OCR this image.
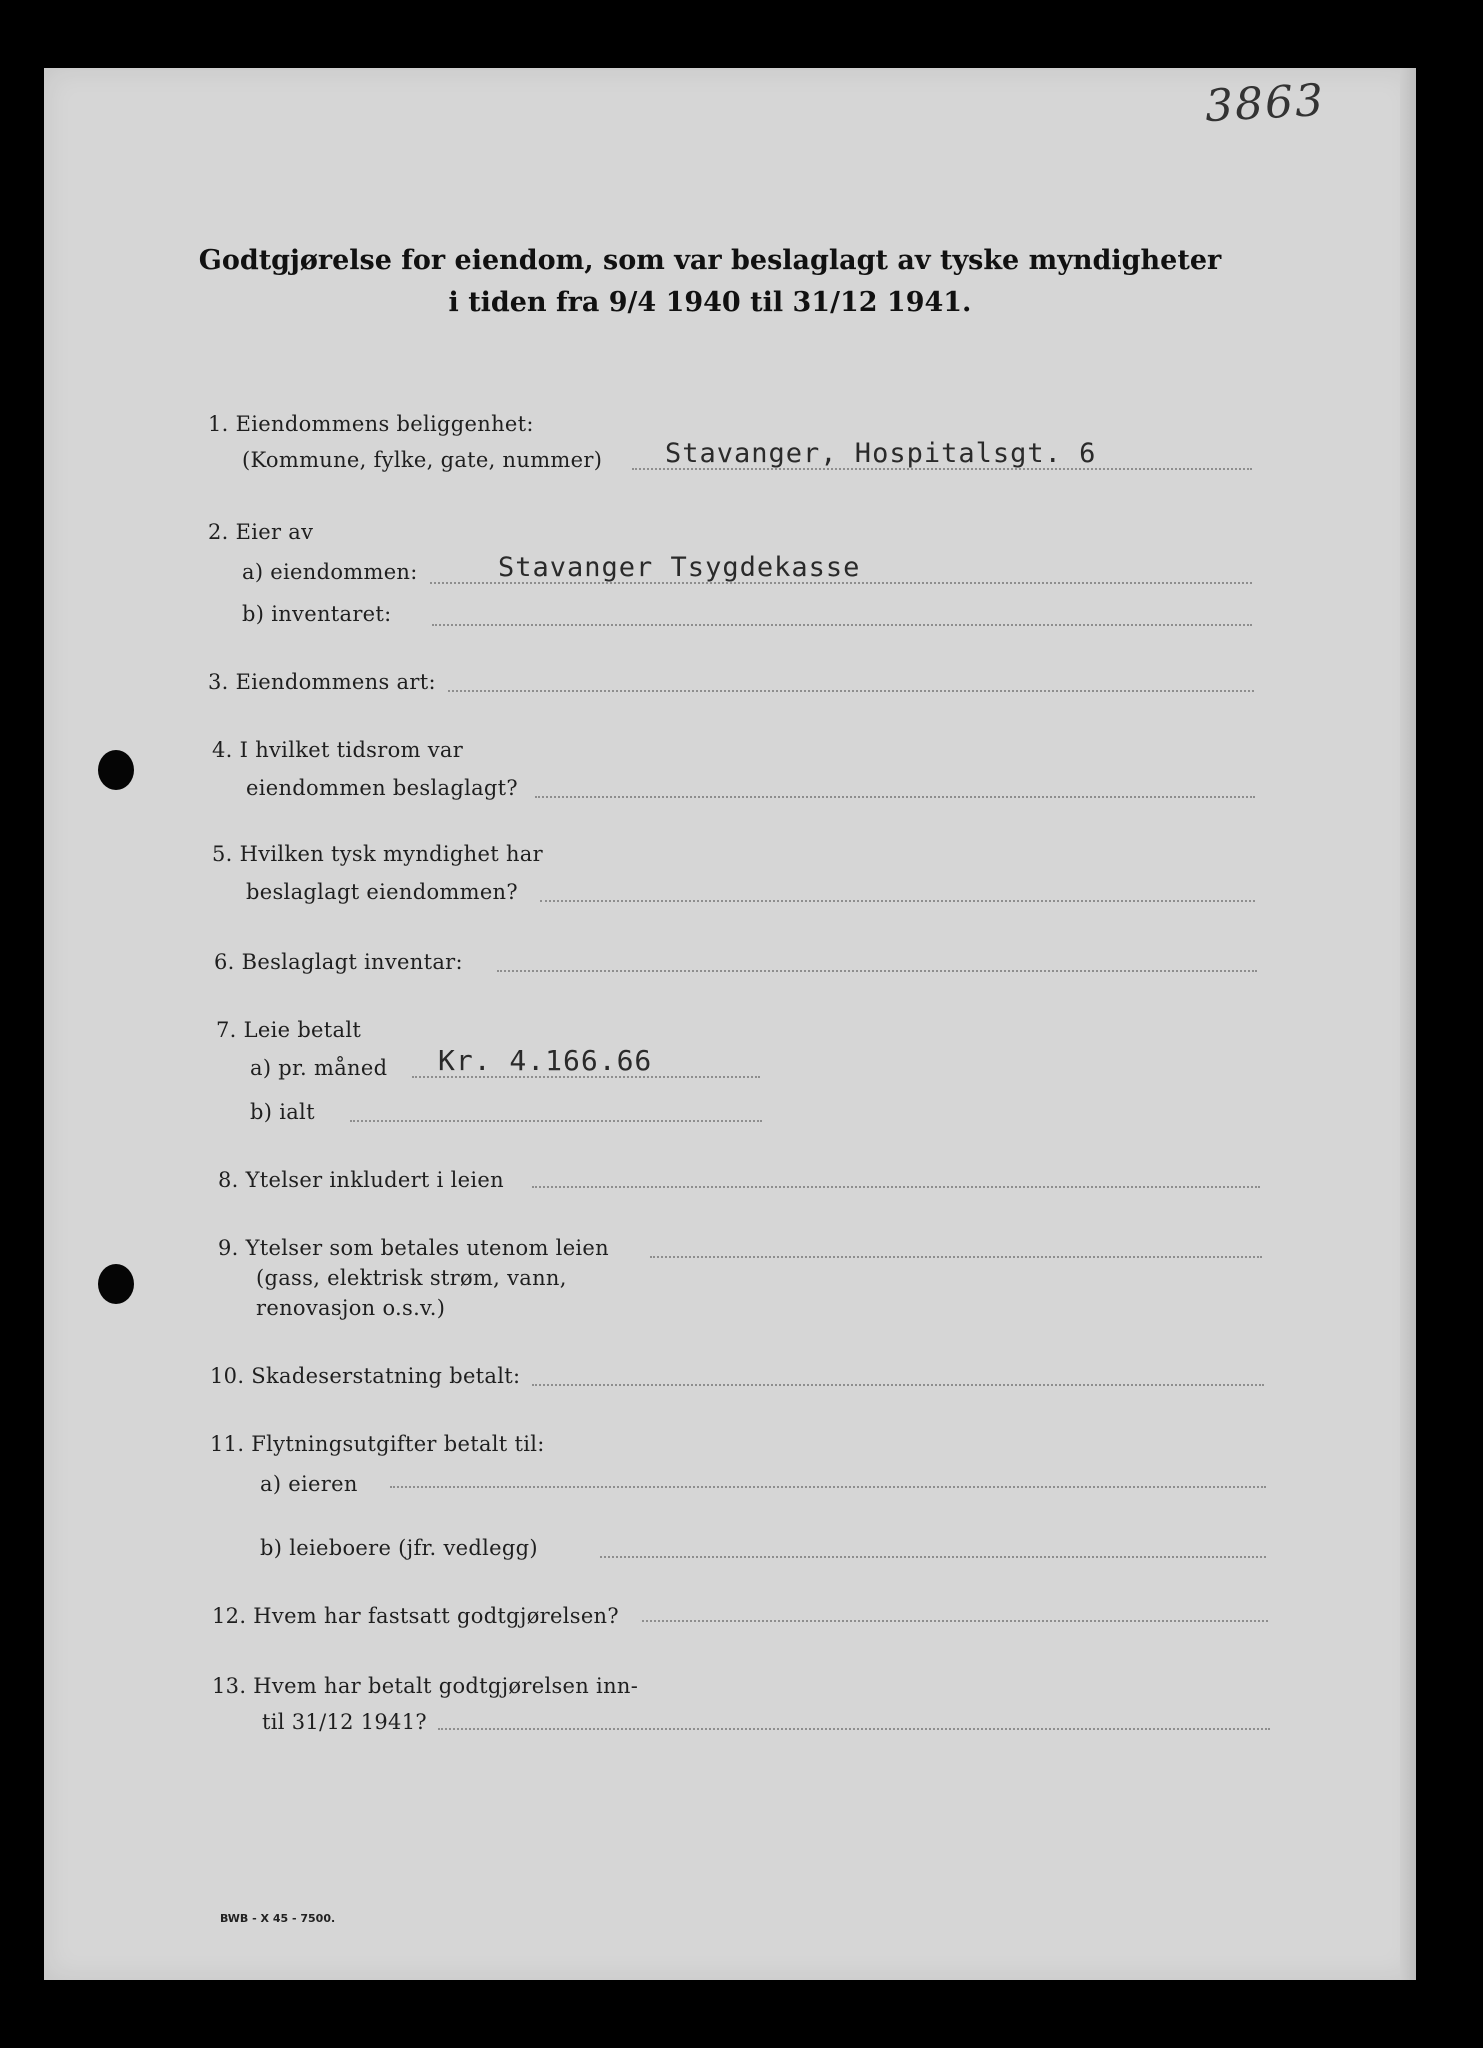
3863
Godtgjørelse for eiendom, som var beslaglagt av tyske myndigheter
i tiden fra 9/4 1940 til 31/12 1941.
1. Eiendommens beliggenhet:
(Kommune, fylke, gate, nummer) Stavanger, Hospitalsgt. 6
2. Eier av
a) eiendommen:	Stavanger Tsygdekasse
b) inventaret:
3. Eiendommens art:
4. I hvilket tidsrom var
eiendommen beslaglagt?
5. Hvilken tysk myndighet har
beslaglagt eiendommen?
6. Beslaglagt inventar:
7. Leie betalt
a) pr. måned Kr. 4.166.66
b) ialt
8. Ytelser inkludert i leien
9. Ytelser som betales utenom leien
(gass, elektrisk strøm, vann,
renovasjon o.s.v.)
10. Skadeserstatning betalt:
11. Flytningsutgifter betalt til:
a) eieren
b) leieboere (jfr. vedlegg)
12. Hvem har fastsatt godtgjørelsen?
13. Hvem har betalt godtgjørelsen inn-
til 31/12 1941?
BWB - X 45 - 7500.
